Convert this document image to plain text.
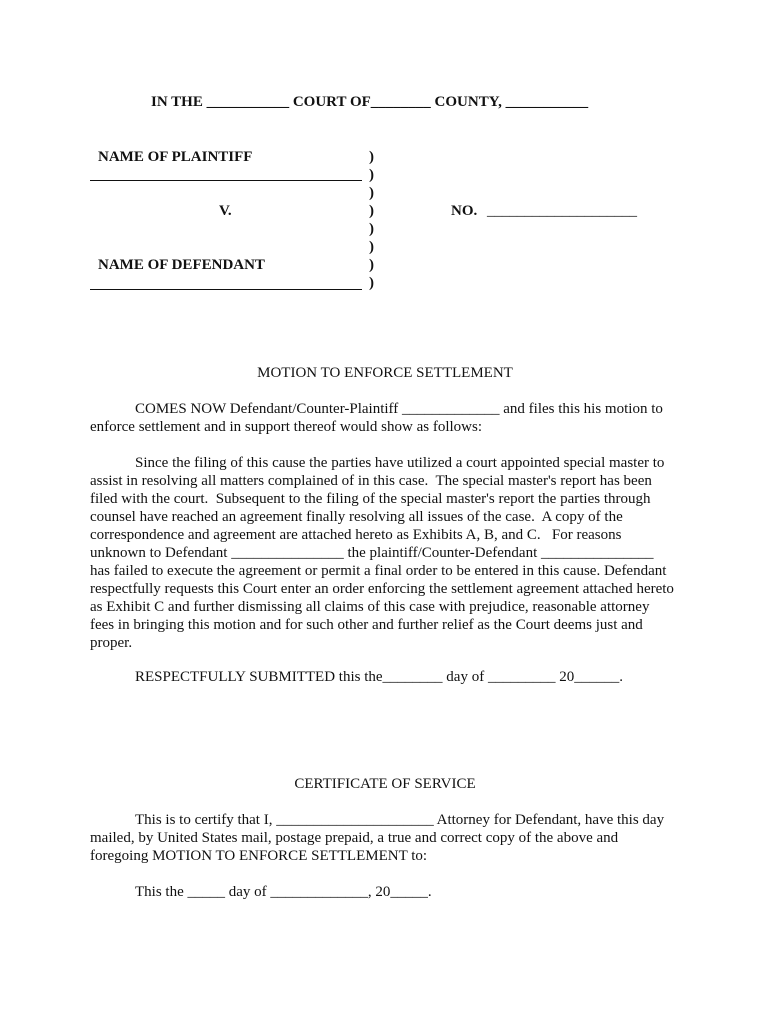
IN THE ___________ COURT OF________ COUNTY, ___________
NAME OF PLAINTIFF
V.
NAME OF DEFENDANT
)
)
)
)
)
)
)
)
NO. ____________________
MOTION TO ENFORCE SETTLEMENT
COMES NOW Defendant/Counter-Plaintiff _____________ and files this his motion to
enforce settlement and in support thereof would show as follows:
Since the filing of this cause the parties have utilized a court appointed special master to
assist in resolving all matters complained of in this case.  The special master's report has been
filed with the court.  Subsequent to the filing of the special master's report the parties through
counsel have reached an agreement finally resolving all issues of the case.  A copy of the
correspondence and agreement are attached hereto as Exhibits A, B, and C.   For reasons
unknown to Defendant _______________ the plaintiff/Counter-Defendant _______________
has failed to execute the agreement or permit a final order to be entered in this cause. Defendant
respectfully requests this Court enter an order enforcing the settlement agreement attached hereto
as Exhibit C and further dismissing all claims of this case with prejudice, reasonable attorney
fees in bringing this motion and for such other and further relief as the Court deems just and
proper.
RESPECTFULLY SUBMITTED this the________ day of _________ 20______.
CERTIFICATE OF SERVICE
This is to certify that I, _____________________ Attorney for Defendant, have this day
mailed, by United States mail, postage prepaid, a true and correct copy of the above and
foregoing MOTION TO ENFORCE SETTLEMENT to:
This the _____ day of _____________, 20_____.
